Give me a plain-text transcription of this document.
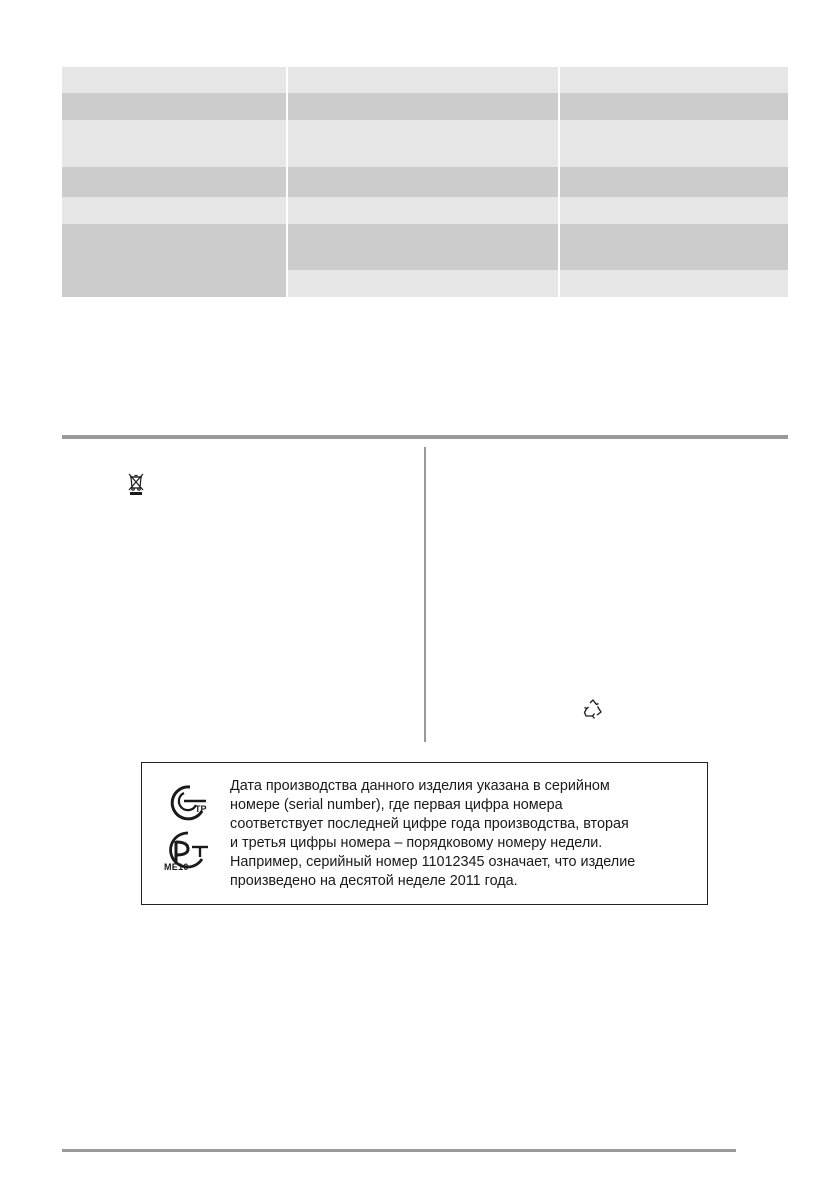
ТР
ME10
Дата производства данного изделия указана в серийном
номере (serial number), где первая цифра номера
соответствует последней цифре года производства, вторая
и третья цифры номера – порядковому номеру недели.
Например, серийный номер 11012345 означает, что изделие
произведено на десятой неделе 2011 года.
